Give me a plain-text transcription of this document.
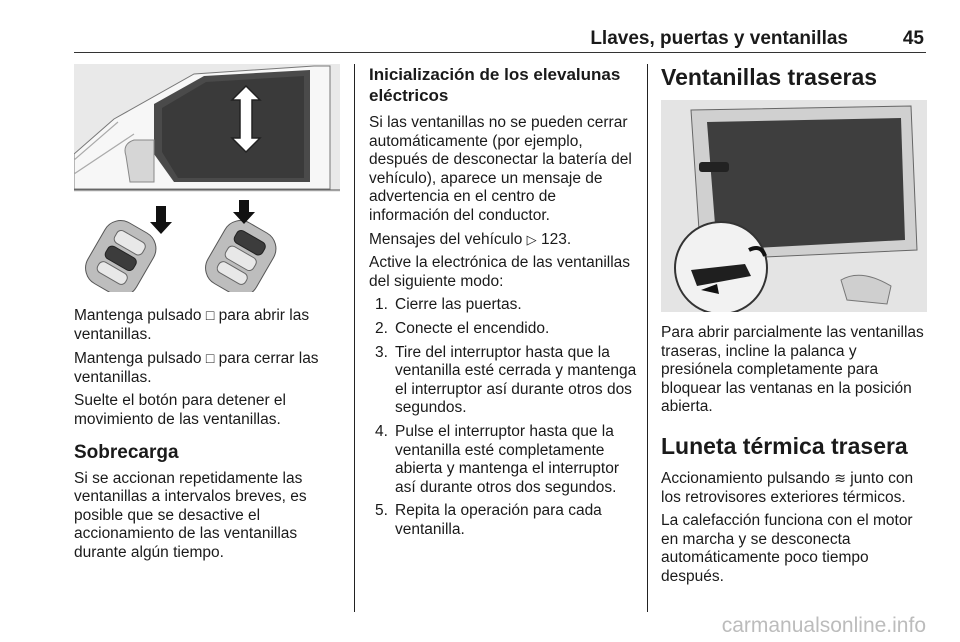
Llaves, puertas y ventanillas	45

Mantenga pulsado □ para abrir las ventanillas.

Mantenga pulsado □ para cerrar las ventanillas.

Suelte el botón para detener el movimiento de las ventanillas.

Sobrecarga

Si se accionan repetidamente las ventanillas a intervalos breves, es posible que se desactive el accionamiento de las ventanillas durante algún tiempo.

Inicialización de los elevalunas eléctricos

Si las ventanillas no se pueden cerrar automáticamente (por ejemplo, después de desconectar la batería del vehículo), aparece un mensaje de advertencia en el centro de información del conductor.

Mensajes del vehículo ▷ 123.

Active la electrónica de las ventanillas del siguiente modo:

1. Cierre las puertas.
2. Conecte el encendido.
3. Tire del interruptor hasta que la ventanilla esté cerrada y mantenga el interruptor así durante otros dos segundos.
4. Pulse el interruptor hasta que la ventanilla esté completamente abierta y mantenga el interruptor así durante otros dos segundos.
5. Repita la operación para cada ventanilla.
Ventanillas traseras

Para abrir parcialmente las ventanillas traseras, incline la palanca y presiónela completamente para bloquear las ventanas en la posición abierta.

Luneta térmica trasera

Accionamiento pulsando ≋ junto con los retrovisores exteriores térmicos.

La calefacción funciona con el motor en marcha y se desconecta automáticamente poco tiempo después.

carmanualsonline.info
